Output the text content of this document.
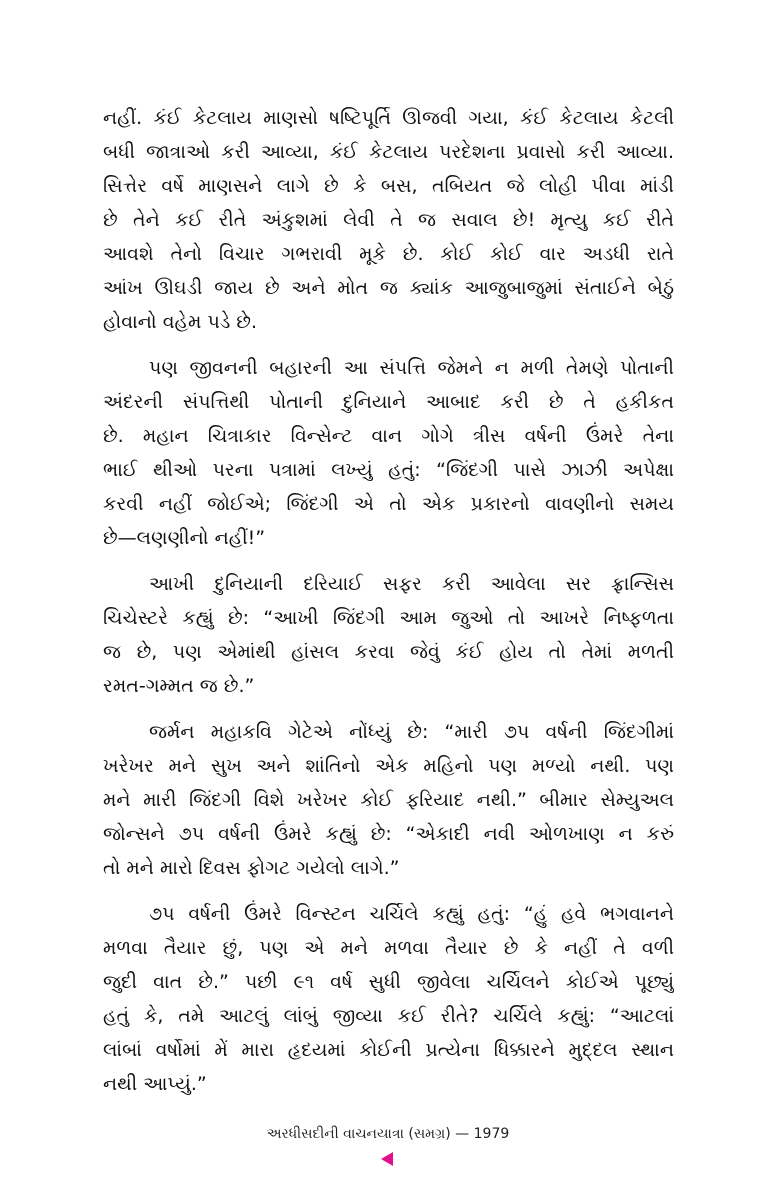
નહીં. કંઈ કેટલાય માણસો ષષ્ટિપૂર્તિ ઊજવી ગયા, કંઈ કેટલાય કેટલી
બધી જાત્રાઓ કરી આવ્યા, કંઈ કેટલાય પરદેશના પ્રવાસો કરી આવ્યા.
સિત્તેર વર્ષે માણસને લાગે છે કે બસ, તબિયત જે લોહી પીવા માંડી
છે તેને કઈ રીતે અંકુશમાં લેવી તે જ સવાલ છે! મૃત્યુ કઈ રીતે
આવશે તેનો વિચાર ગભરાવી મૂકે છે. કોઈ કોઈ વાર અડધી રાતે
આંખ ઊઘડી જાય છે અને મોત જ ક્યાંક આજુબાજુમાં સંતાઈને બેઠું
હોવાનો વહેમ પડે છે.
પણ જીવનની બહારની આ સંપત્તિ જેમને ન મળી તેમણે પોતાની
અંદરની સંપત્તિથી પોતાની દુનિયાને આબાદ કરી છે તે હકીકત
છે. મહાન ચિત્રાકાર વિન્સેન્ટ વાન ગોગે ત્રીસ વર્ષની ઉંમરે તેના
ભાઈ થીઓ પરના પત્રામાં લખ્યું હતું: “જિંદગી પાસે ઝાઝી અપેક્ષા
કરવી નહીં જોઈએ; જિંદગી એ તો એક પ્રકારનો વાવણીનો સમય
છે—લણણીનો નહીં!”
આખી દુનિયાની દરિયાઈ સફર કરી આવેલા સર ફ્રાન્સિસ
ચિચેસ્ટરે કહ્યું છે: “આખી જિંદગી આમ જુઓ તો આખરે નિષ્ફળતા
જ છે, પણ એમાંથી હાંસલ કરવા જેવું કંઈ હોય તો તેમાં મળતી
રમત-ગમ્મત જ છે.”
જર્મન મહાકવિ ગેટેએ નોંધ્યું છે: “મારી ૭પ વર્ષની જિંદગીમાં
ખરેખર મને સુખ અને શાંતિનો એક મહિનો પણ મળ્યો નથી. પણ
મને મારી જિંદગી વિશે ખરેખર કોઈ ફરિયાદ નથી.” બીમાર સેમ્યુઅલ
જોન્સને ૭પ વર્ષની ઉંમરે કહ્યું છે: “એકાદી નવી ઓળખાણ ન કરું
તો મને મારો દિવસ ફોગટ ગયેલો લાગે.”
૭પ વર્ષની ઉંમરે વિન્સ્ટન ચર્ચિલે કહ્યું હતું: “હું હવે ભગવાનને
મળવા તૈયાર છું, પણ એ મને મળવા તૈયાર છે કે નહીં તે વળી
જુદી વાત છે.” પછી ૯૧ વર્ષ સુધી જીવેલા ચર્ચિલને કોઈએ પૂછ્યું
હતું કે, તમે આટલું લાંબું જીવ્યા કઈ રીતે? ચર્ચિલે કહ્યું: “આટલાં
લાંબાં વર્ષોમાં મેં મારા હૃદયમાં કોઈની પ્રત્યેના ધિક્કારને મુદ્દલ સ્થાન
નથી આપ્યું.”
અરધીસદીની વાચનયાત્રા (સમગ્ર) — 1979
